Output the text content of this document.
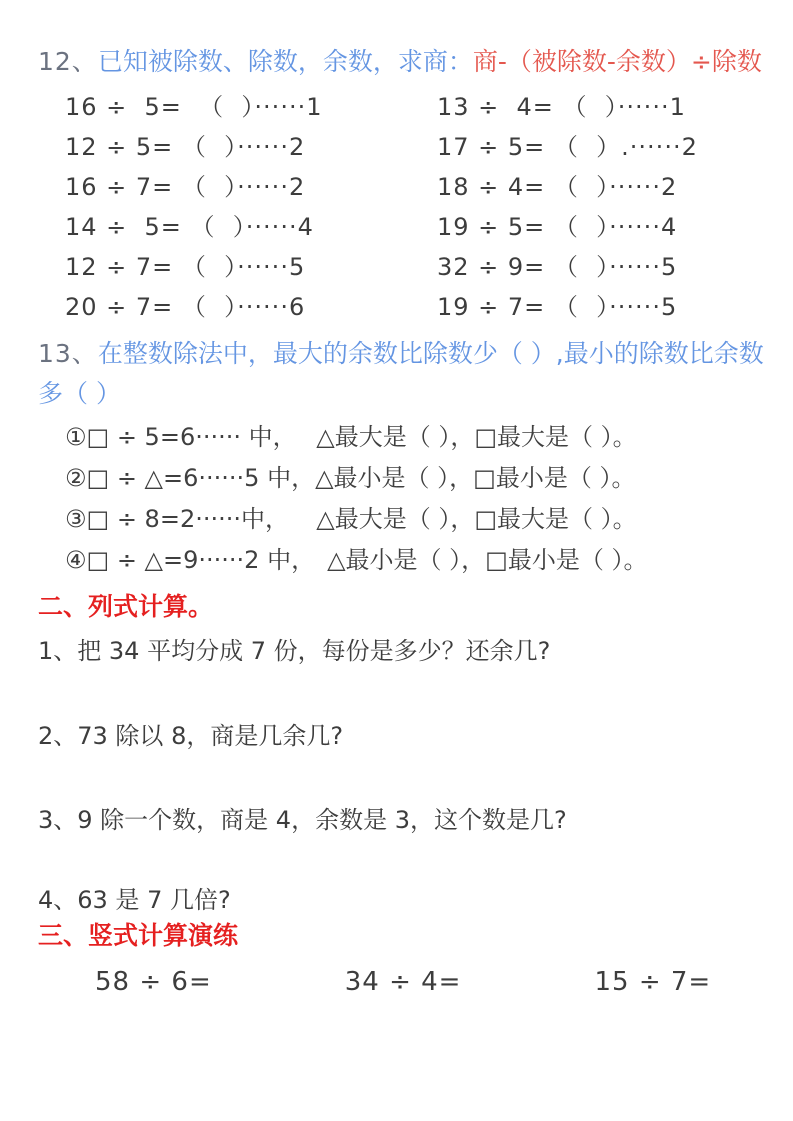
12、已知被除数、除数，余数，求商：商-（被除数-余数）÷除数
16 ÷  5=  （  ）······1
12 ÷ 5= （  ）······2
16 ÷ 7= （  ）······2
14 ÷  5= （  ）······4
12 ÷ 7= （  ）······5
20 ÷ 7= （  ）······6
13 ÷  4= （  ）······1
17 ÷ 5= （  ）.······2
18 ÷ 4= （  ）······2
19 ÷ 5= （  ）······4
32 ÷ 9= （  ）······5
19 ÷ 7= （  ）······5
13、在整数除法中，最大的余数比除数少（ ）,最小的除数比余数
多（ ）
①□ ÷ 5=6······ 中，　 △最大是（ ），□最大是（ ）。
②□ ÷ △=6······5 中，△最小是（ ），□最小是（ ）。
③□ ÷ 8=2······中，　  △最大是（ ），□最大是（ ）。
④□ ÷ △=9······2 中，　△最小是（ ），□最小是（ ）。
二、列式计算。
1、把 34 平均分成 7 份，每份是多少？还余几?
2、73 除以 8，商是几余几?
3、9 除一个数，商是 4，余数是 3，这个数是几?
4、63 是 7 几倍?
三、竖式计算演练
58 ÷ 6=	34 ÷ 4=	15 ÷ 7=
